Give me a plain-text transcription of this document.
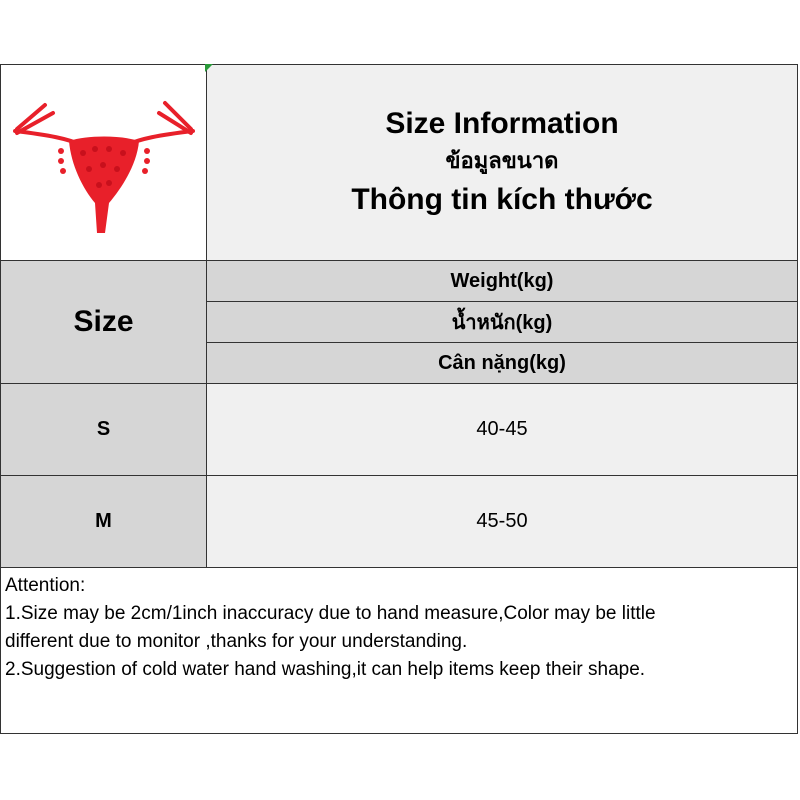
Size Information
ข้อมูลขนาด
Thông tin kích thước
Size
Weight(kg)
น้ำหนัก(kg)
Cân nặng(kg)
S	40-45
M	45-50
Attention:
1.Size may be 2cm/1inch inaccuracy due to hand measure,Color may be little
different due to monitor ,thanks for your understanding.
2.Suggestion of cold water hand washing,it can help items keep their shape.
